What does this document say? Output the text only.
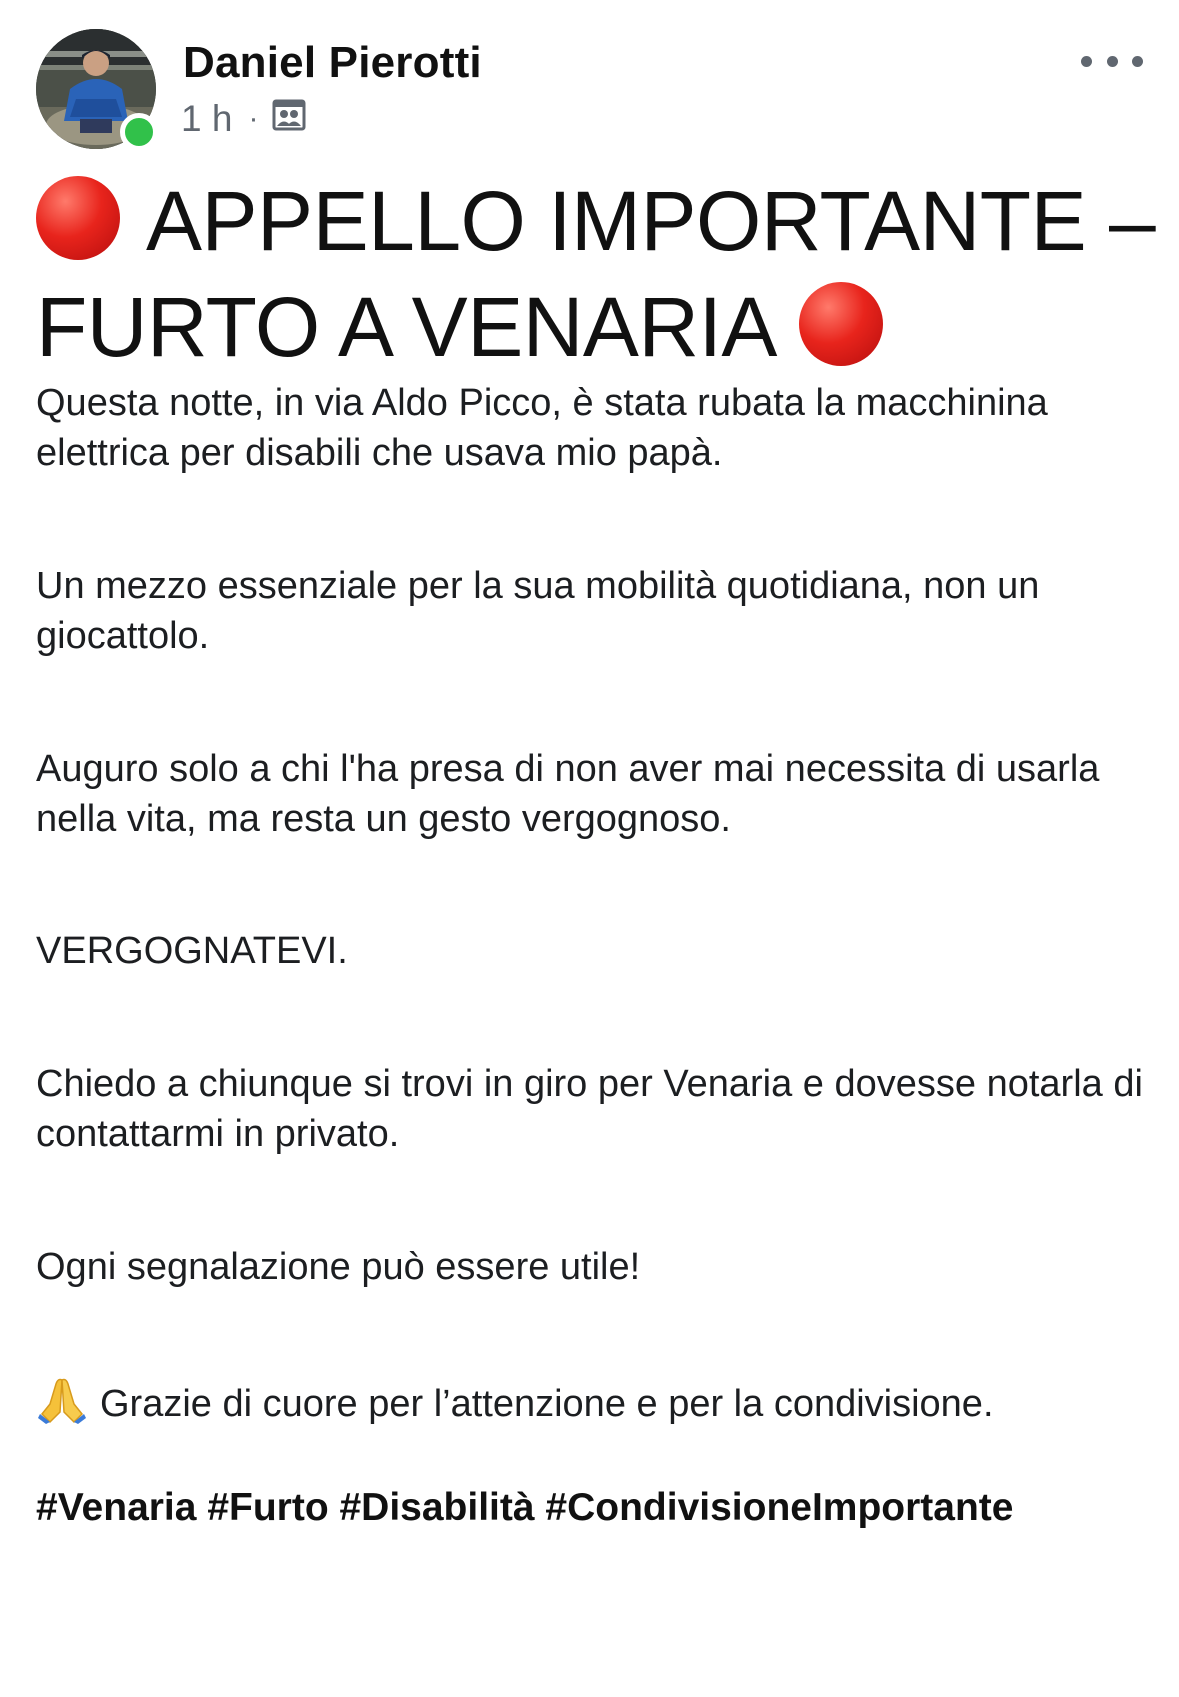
Daniel Pierotti
1 h ·
APPELLO IMPORTANTE –
FURTO A VENARIA

Questa notte, in via Aldo Picco, è stata rubata la macchinina elettrica per disabili che usava mio papà.

Un mezzo essenziale per la sua mobilità quotidiana, non un giocattolo.

Auguro solo a chi l'ha presa di non aver mai necessita di usarla nella vita, ma resta un gesto vergognoso.

VERGOGNATEVI.

Chiedo a chiunque si trovi in giro per Venaria e dovesse notarla di contattarmi in privato.

Ogni segnalazione può essere utile!

Grazie di cuore per l’attenzione e per la condivisione.

#Venaria #Furto #Disabilità #CondivisioneImportante
